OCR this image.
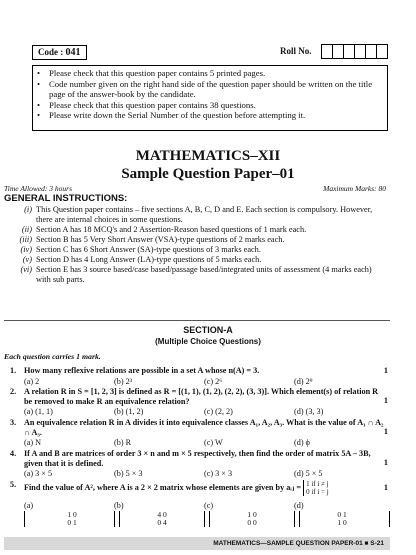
Code : 041	Roll No.
•	Please check that this question paper contains 5 printed pages.
•	Code number given on the right hand side of the question paper should be written on the title page of the answer-book by the candidate.
•	Please check that this question paper contains 38 questions.
•	Please write down the Serial Number of the question before attempting it.
MATHEMATICS–XII
Sample Question Paper–01
Time Allowed: 3 hours	Maximum Marks: 80
GENERAL INSTRUCTIONS:
(i) This Question paper contains – five sections A, B, C, D and E. Each section is compulsory. However, there are internal choices in some questions.
(ii) Section A has 18 MCQ's and 2 Assertion-Reason based questions of 1 mark each.
(iii) Section B has 5 Very Short Answer (VSA)-type questions of 2 marks each.
(iv) Section C has 6 Short Answer (SA)-type questions of 3 marks each.
(v) Section D has 4 Long Answer (LA)-type questions of 5 marks each.
(vi) Section E has 3 source based/case based/passage based/integrated units of assessment (4 marks each) with sub parts.
SECTION-A
(Multiple Choice Questions)
Each question carries 1 mark.
1. How many reflexive relations are possible in a set A whose n(A) = 3.	1
(a) 2	(b) 2³	(c) 2⁶	(d) 2⁹
2. A relation R in S = [1, 2, 3] is defined as R = [(1, 1), (1, 2), (2, 2), (3, 3)]. Which element(s) of relation R be removed to make R an equivalence relation?	1
(a) (1, 1)	(b) (1, 2)	(c) (2, 2)	(d) (3, 3)
3. An equivalence relation R in A divides it into equivalence classes A₁, A₂, A₃. What is the value of A₁ ∩ A₂ ∩ A₃.	1
(a) N	(b) R	(c) W	(d) ϕ
4. If A and B are matrices of order 3 × n and m × 5 respectively, then find the order of matrix 5A – 3B, given that it is defined.	1
(a) 3 × 5	(b) 5 × 3	(c) 3 × 3	(d) 5 × 5
5. Find the value of A², where A is a 2 × 2 matrix whose elements are given by aᵢⱼ = 1 if i ≠ j
0 if i = j	1
(a) 1 0
0 1
(b) 4 0
0 4
(c) 1 0
0 0
(d) 0 1
1 0
MATHEMATICS—SAMPLE QUESTION PAPER-01 ■ S-21
